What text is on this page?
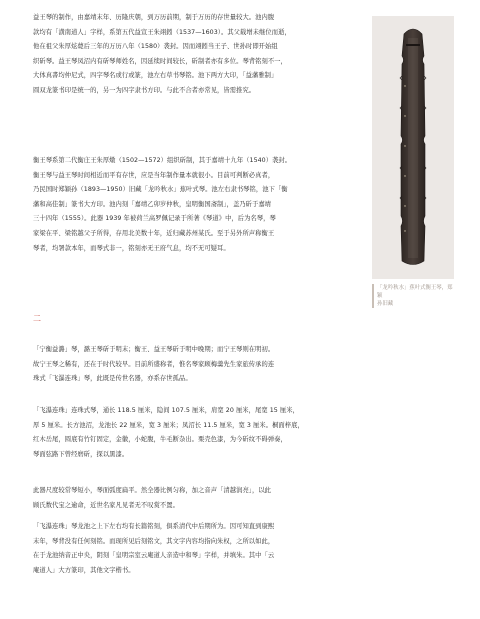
益王琴的制作，由嘉靖末年、历隆庆朝，到万历前期，制于万历的存世量较大。池内腹
款均有「潢南道人」字样，系第五代益宣王朱翊鈏（1537—1603）。其父载增未继位而逝，
他在祖父朱厚炫薨后三年的万历八年（1580）袭封。因而翊鈏当王子、世孙时即开始组
织斫琴。益王琴凤沼内有斫琴师姓名，因延续时间较长，斫制者亦有多位。琴背铭刻不一，
大体真書均仲尼式，四字琴名或行或篆，池左右草书琴铭。池下两方大印，「益藩雅制」
圆双龙篆书印是统一的，另一为四字隶书方印。与此不合者亦常见，皆需推究。
衡王琴系第二代衡庄王朱厚燉（1502—1572）组织斫制，其于嘉靖十九年（1540）袭封。
衡王琴与益王琴时间相近而平有存世，应是当年制作量本就很小。目前可判断必真者，
乃民国时郑颖孙（1893—1950）旧藏「龙吟秋水」蕉叶式琴。池左右隶书琴铭，池下「衡
藩和高佳制」篆书大方印。池内刻「嘉靖乙卯岁仲秋，皇明衡国斋制」，盖乃斫于嘉靖
三十四年（1555）。此器 1939 年被荷兰高罗佩记录于所著《琴道》中，后为名琴，琴
家梁在平、梁铭越父子所得，存用北美数十年，近归藏苏州某氏。至于另外所声称衡王
琴者，均署款本年，而琴式非一，铭刻亦无王府气息，均不无可疑耳。
「龙吟秋水」蕉叶式衡王琴，郑颖
孙旧藏
二
「宁衡益潞」琴，潞王琴斫于明末；衡王、益王琴斫于明中晚期；而宁王琴则在明初。
故宁王琴之稀有，还在于时代较早。目前所盛称者，惟名琴家顾梅羹先生家旅传承的连
珠式「飞瀑连珠」琴，此既是传世名器，亦系存世孤品。
「飞瀑连珠」连珠式琴，通长 118.5 厘米，隐间 107.5 厘米，肩宽 20 厘米，尾宽 15 厘米，
厚 5 厘米。长方池沼，龙池长 22 厘米，宽 3 厘米；凤沼长 11.5 厘米，宽 3 厘米。桐面梓底，
红木岳尾，圆底有竹钉固定，金徽，小蛇腹，牛毛断杂出。栗壳色漆，为今斫纹不碍弹奏，
琴面弦路下曾经磨斫，探以黑漆。
此器尺度较常琴短小，琴面弧度扁平。然全器比例匀称，加之音声「清越润亮」，以此
顾氏数代宝之逾命，近世名家凡见者无不叹赏不置。
「飞瀑连珠」琴龙池之上下左右均有长篇铭刻，俱系清代中后期所为。因可知直到康熙
末年，琴背没有任何刻铭。而现所见后刻铭文，其文字内容均指向朱权，之所以如此，
在于龙池纳音正中央，阴刻「皇明宗室云庵道人亲造中和琴」字样，并填朱。其中「云
庵道人」大方篆印，其他文字楷书。
